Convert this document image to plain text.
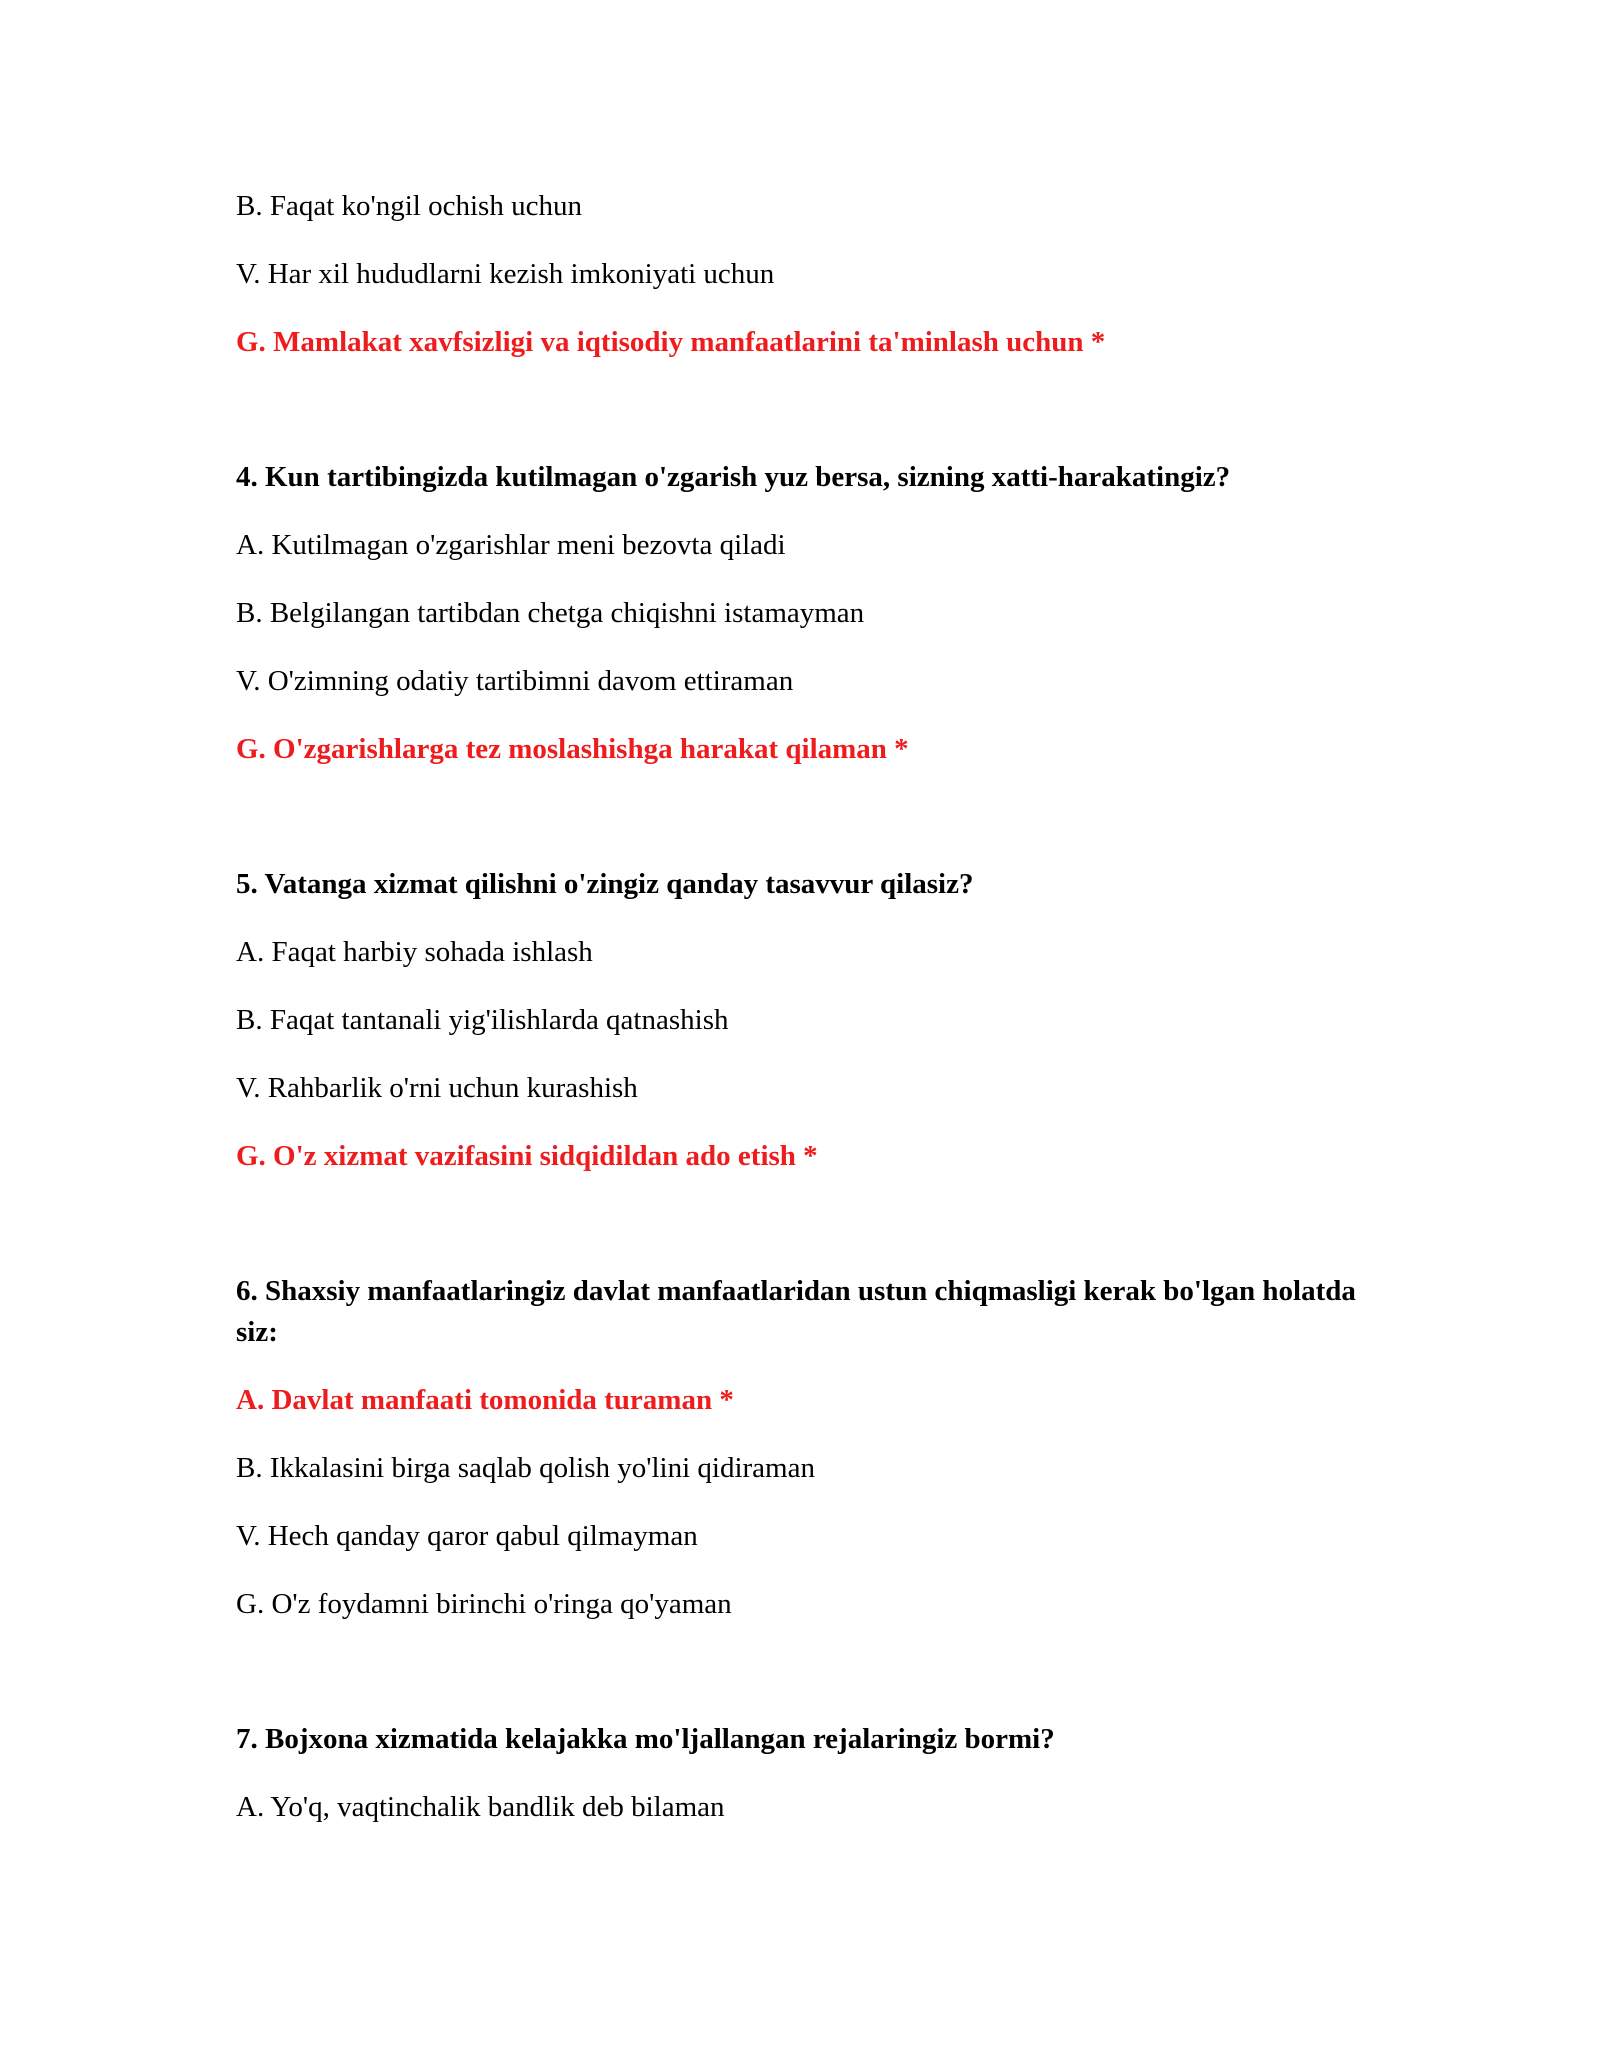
B. Faqat ko'ngil ochish uchun
V. Har xil hududlarni kezish imkoniyati uchun
G. Mamlakat xavfsizligi va iqtisodiy manfaatlarini ta'minlash uchun *
4. Kun tartibingizda kutilmagan o'zgarish yuz bersa, sizning xatti-harakatingiz?
A. Kutilmagan o'zgarishlar meni bezovta qiladi
B. Belgilangan tartibdan chetga chiqishni istamayman
V. O'zimning odatiy tartibimni davom ettiraman
G. O'zgarishlarga tez moslashishga harakat qilaman *
5. Vatanga xizmat qilishni o'zingiz qanday tasavvur qilasiz?
A. Faqat harbiy sohada ishlash
B. Faqat tantanali yig'ilishlarda qatnashish
V. Rahbarlik o'rni uchun kurashish
G. O'z xizmat vazifasini sidqidildan ado etish *
6. Shaxsiy manfaatlaringiz davlat manfaatlaridan ustun chiqmasligi kerak bo'lgan holatda siz:
A. Davlat manfaati tomonida turaman *
B. Ikkalasini birga saqlab qolish yo'lini qidiraman
V. Hech qanday qaror qabul qilmayman
G. O'z foydamni birinchi o'ringa qo'yaman
7. Bojxona xizmatida kelajakka mo'ljallangan rejalaringiz bormi?
A. Yo'q, vaqtinchalik bandlik deb bilaman
